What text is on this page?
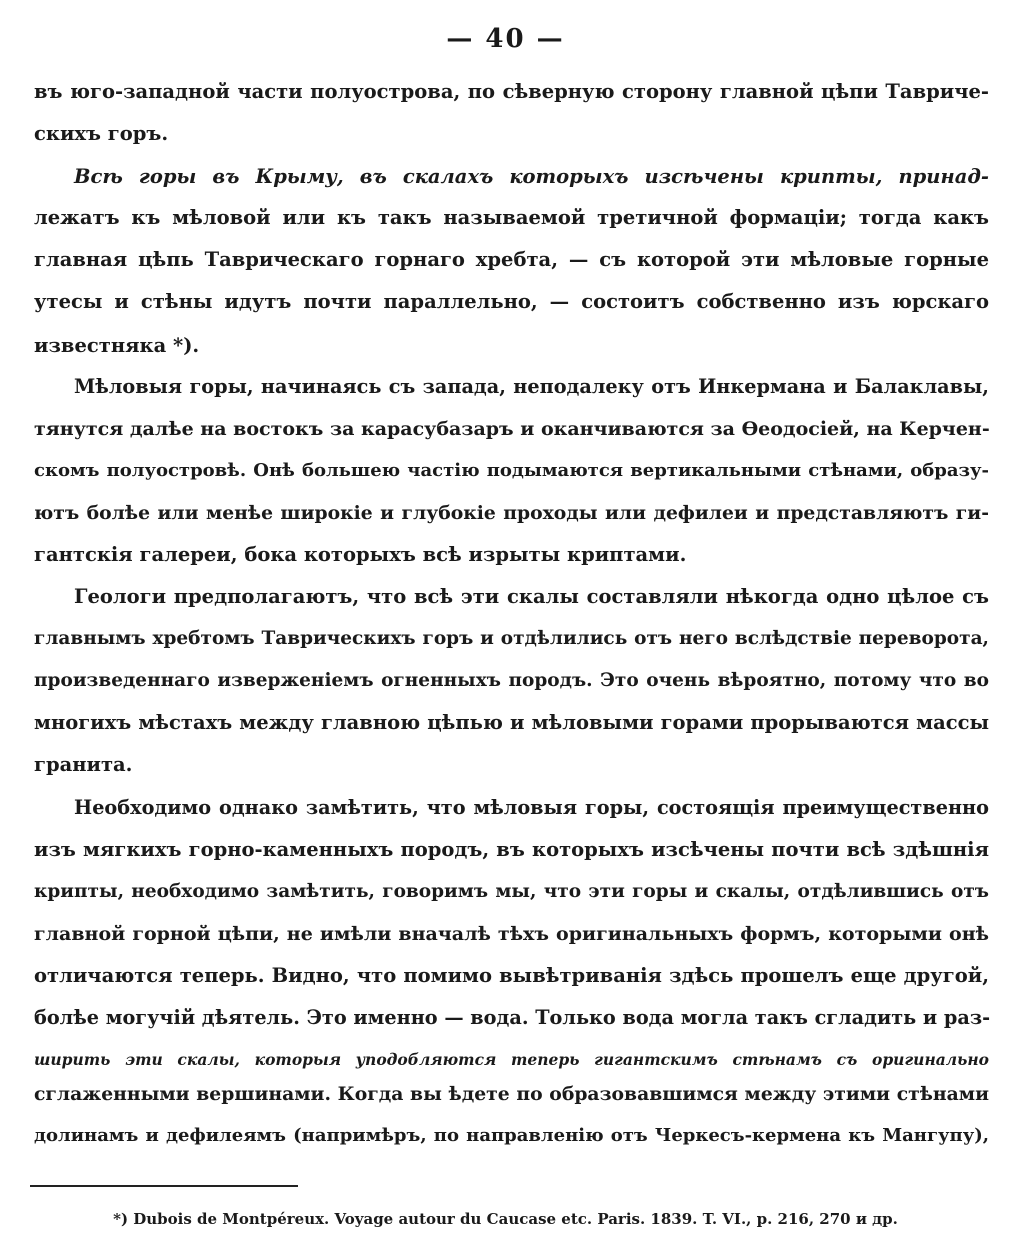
— 40 —
въ юго-западной части полуострова, по сѣверную сторону главной цѣпи Тавриче-
скихъ горъ.
Всѣ горы въ Крыму, въ скалахъ которыхъ изсѣчены крипты, принад-
лежатъ къ мѣловой или къ такъ называемой третичной формаціи; тогда какъ
главная цѣпь Таврическаго горнаго хребта, — съ которой эти мѣловые горные
утесы и стѣны идутъ почти параллельно, — состоитъ собственно изъ юрскаго
известняка *).
Мѣловыя горы, начинаясь съ запада, неподалеку отъ Инкермана и Балаклавы,
тянутся далѣе на востокъ за карасубазаръ и оканчиваются за Ѳеодосіей, на Керчен-
скомъ полуостровѣ. Онѣ большею частію подымаются вертикальными стѣнами, образу-
ютъ болѣе или менѣе широкіе и глубокіе проходы или дефилеи и представляютъ ги-
гантскія галереи, бока которыхъ всѣ изрыты криптами.
Геологи предполагаютъ, что всѣ эти скалы составляли нѣкогда одно цѣлое съ
главнымъ хребтомъ Таврическихъ горъ и отдѣлились отъ него вслѣдствіе переворота,
произведеннаго изверженіемъ огненныхъ породъ. Это очень вѣроятно, потому что во
многихъ мѣстахъ между главною цѣпью и мѣловыми горами прорываются массы
гранита.
Необходимо однако замѣтить, что мѣловыя горы, состоящія преимущественно
изъ мягкихъ горно-каменныхъ породъ, въ которыхъ изсѣчены почти всѣ здѣшнія
крипты, необходимо замѣтить, говоримъ мы, что эти горы и скалы, отдѣлившись отъ
главной горной цѣпи, не имѣли вначалѣ тѣхъ оригинальныхъ формъ, которыми онѣ
отличаются теперь. Видно, что помимо вывѣтриванія здѣсь прошелъ еще другой,
болѣе могучій дѣятель. Это именно — вода. Только вода могла такъ сгладить и раз-
ширить эти скалы, которыя уподобляются теперь гигантскимъ стѣнамъ съ оригинально
сглаженными вершинами. Когда вы ѣдете по образовавшимся между этими стѣнами
долинамъ и дефилеямъ (напримѣръ, по направленію отъ Черкесъ-кермена къ Мангупу),
*) Dubois de Montpéreux. Voyage autour du Caucase etc. Paris. 1839. T. VI., p. 216, 270 и др.
